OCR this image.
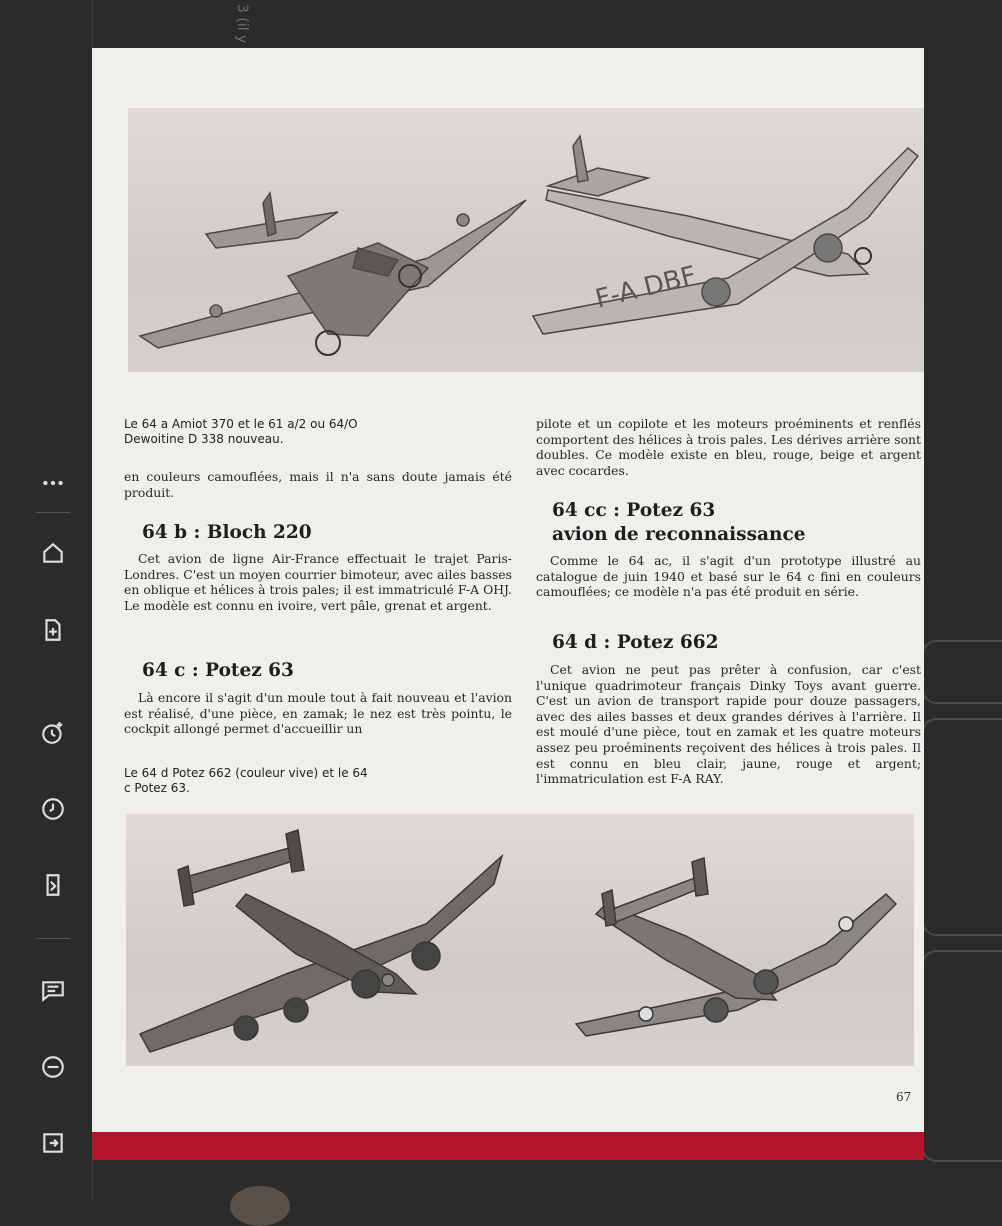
3 (il y
F-A DBF

Le 64 a Amiot 370 et le 61 a/2 ou 64/O Dewoitine D 338 nouveau.

en couleurs camouflées, mais il n'a sans doute jamais été produit.

64 b : Bloch 220

Cet avion de ligne Air-France effectuait le trajet Paris-Londres. C'est un moyen courrier bimoteur, avec ailes basses en oblique et hélices à trois pales; il est immatriculé F-A OHJ. Le modèle est connu en ivoire, vert pâle, grenat et argent.

64 c : Potez 63

Là encore il s'agit d'un moule tout à fait nouveau et l'avion est réalisé, d'une pièce, en zamak; le nez est très pointu, le cockpit allongé permet d'accueillir un

Le 64 d Potez 662 (couleur vive) et le 64 c Potez 63.

pilote et un copilote et les moteurs proéminents et renflés comportent des hélices à trois pales. Les dérives arrière sont doubles. Ce modèle existe en bleu, rouge, beige et argent avec cocardes.

64 cc : Potez 63
avion de reconnaissance

Comme le 64 ac, il s'agit d'un prototype illustré au catalogue de juin 1940 et basé sur le 64 c fini en couleurs camouflées; ce modèle n'a pas été produit en série.

64 d : Potez 662

Cet avion ne peut pas prêter à confusion, car c'est l'unique quadrimoteur français Dinky Toys avant guerre. C'est un avion de transport rapide pour douze passagers, avec des ailes basses et deux grandes dérives à l'arrière. Il est moulé d'une pièce, tout en zamak et les quatre moteurs assez peu proéminents reçoivent des hélices à trois pales. Il est connu en bleu clair, jaune, rouge et argent; l'immatriculation est F-A RAY.

67
